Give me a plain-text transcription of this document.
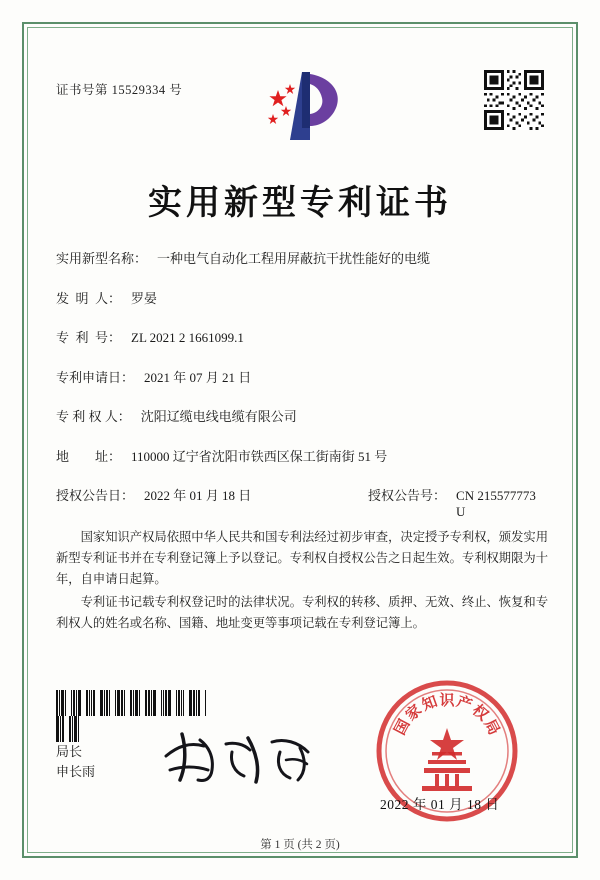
证书号第 15529334 号
实用新型专利证书
实用新型名称： 一种电气自动化工程用屏蔽抗干扰性能好的电缆
发  明  人： 罗晏
专  利  号： ZL 2021 2 1661099.1
专利申请日： 2021 年 07 月 21 日
专 利 权 人： 沈阳辽缆电线电缆有限公司
地        址： 110000 辽宁省沈阳市铁西区保工街南街 51 号
授权公告日： 2022 年 01 月 18 日	授权公告号： CN 215577773 U

国家知识产权局依照中华人民共和国专利法经过初步审查，决定授予专利权，颁发实用新型专利证书并在专利登记簿上予以登记。专利权自授权公告之日起生效。专利权期限为十年，自申请日起算。

专利证书记载专利权登记时的法律状况。专利权的转移、质押、无效、终止、恢复和专利权人的姓名或名称、国籍、地址变更等事项记载在专利登记簿上。

局长
申长雨
国
家
知 识 产
权
局
2022 年 01 月 18 日
第 1 页 (共 2 页)
